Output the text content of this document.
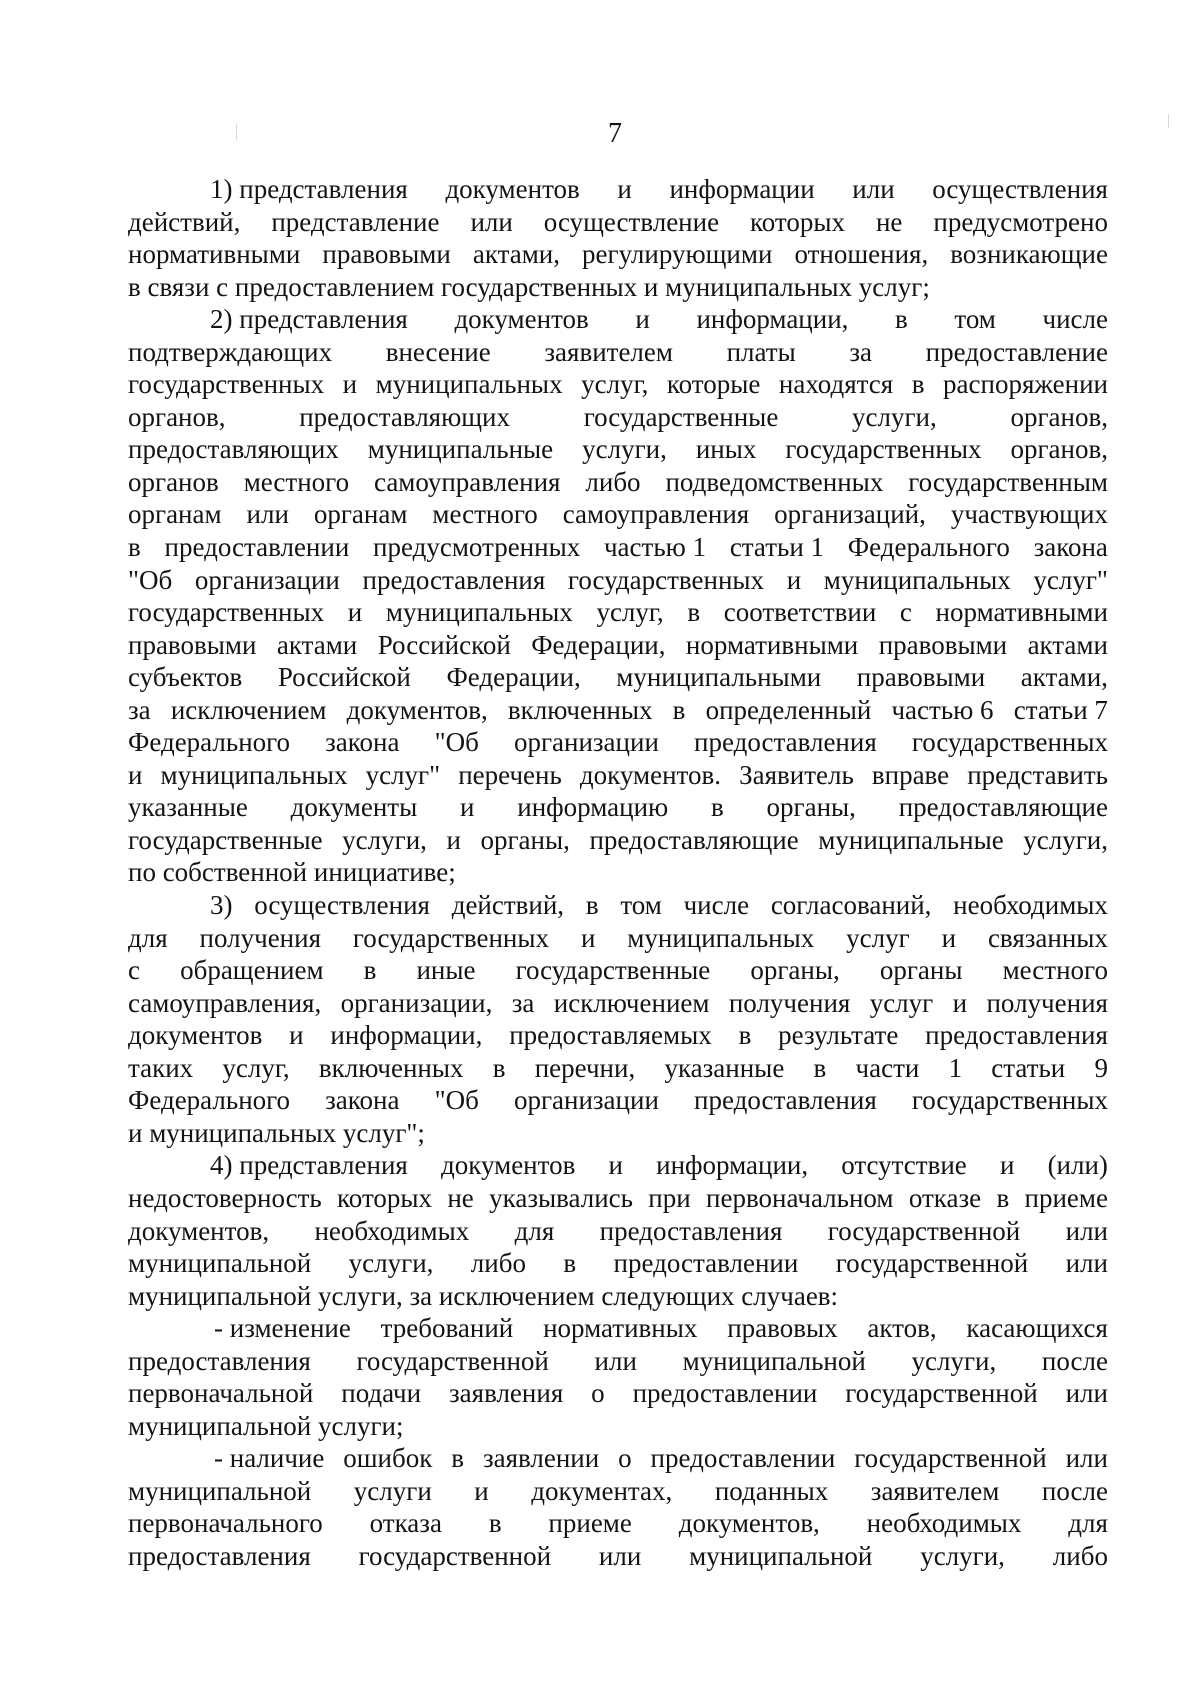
7
1) представления документов и информации или осуществления
действий, представление или осуществление которых не предусмотрено
нормативными правовыми актами, регулирующими отношения, возникающие
в связи с предоставлением государственных и муниципальных услуг;
2) представления документов и информации, в том числе
подтверждающих внесение заявителем платы за предоставление
государственных и муниципальных услуг, которые находятся в распоряжении
органов,	предоставляющих	государственные	услуги,	органов,
предоставляющих муниципальные услуги, иных государственных органов,
органов местного самоуправления либо подведомственных государственным
органам или органам местного самоуправления организаций, участвующих
в предоставлении предусмотренных частью 1 статьи 1 Федерального закона
"Об организации предоставления государственных и муниципальных услуг"
государственных и муниципальных услуг, в соответствии с нормативными
правовыми актами Российской Федерации, нормативными правовыми актами
субъектов Российской Федерации, муниципальными правовыми актами,
за исключением документов, включенных в определенный частью 6 статьи 7
Федерального закона "Об организации предоставления государственных
и муниципальных услуг" перечень документов. Заявитель вправе представить
указанные документы и информацию в органы, предоставляющие
государственные услуги, и органы, предоставляющие муниципальные услуги,
по собственной инициативе;
3) осуществления действий, в том числе согласований, необходимых
для получения государственных и муниципальных услуг и связанных
с обращением в иные государственные органы, органы местного
самоуправления, организации, за исключением получения услуг и получения
документов и информации, предоставляемых в результате предоставления
таких услуг, включенных в перечни, указанные в части 1 статьи 9
Федерального закона "Об организации предоставления государственных
и муниципальных услуг";
4) представления документов и информации, отсутствие и (или)
недостоверность которых не указывались при первоначальном отказе в приеме
документов, необходимых для предоставления государственной или
муниципальной услуги, либо в предоставлении государственной или
муниципальной услуги, за исключением следующих случаев:
- изменение требований нормативных правовых актов, касающихся
предоставления государственной или муниципальной услуги, после
первоначальной подачи заявления о предоставлении государственной или
муниципальной услуги;
- наличие ошибок в заявлении о предоставлении государственной или
муниципальной услуги и документах, поданных заявителем после
первоначального отказа в приеме документов, необходимых для
предоставления государственной или муниципальной услуги, либо
